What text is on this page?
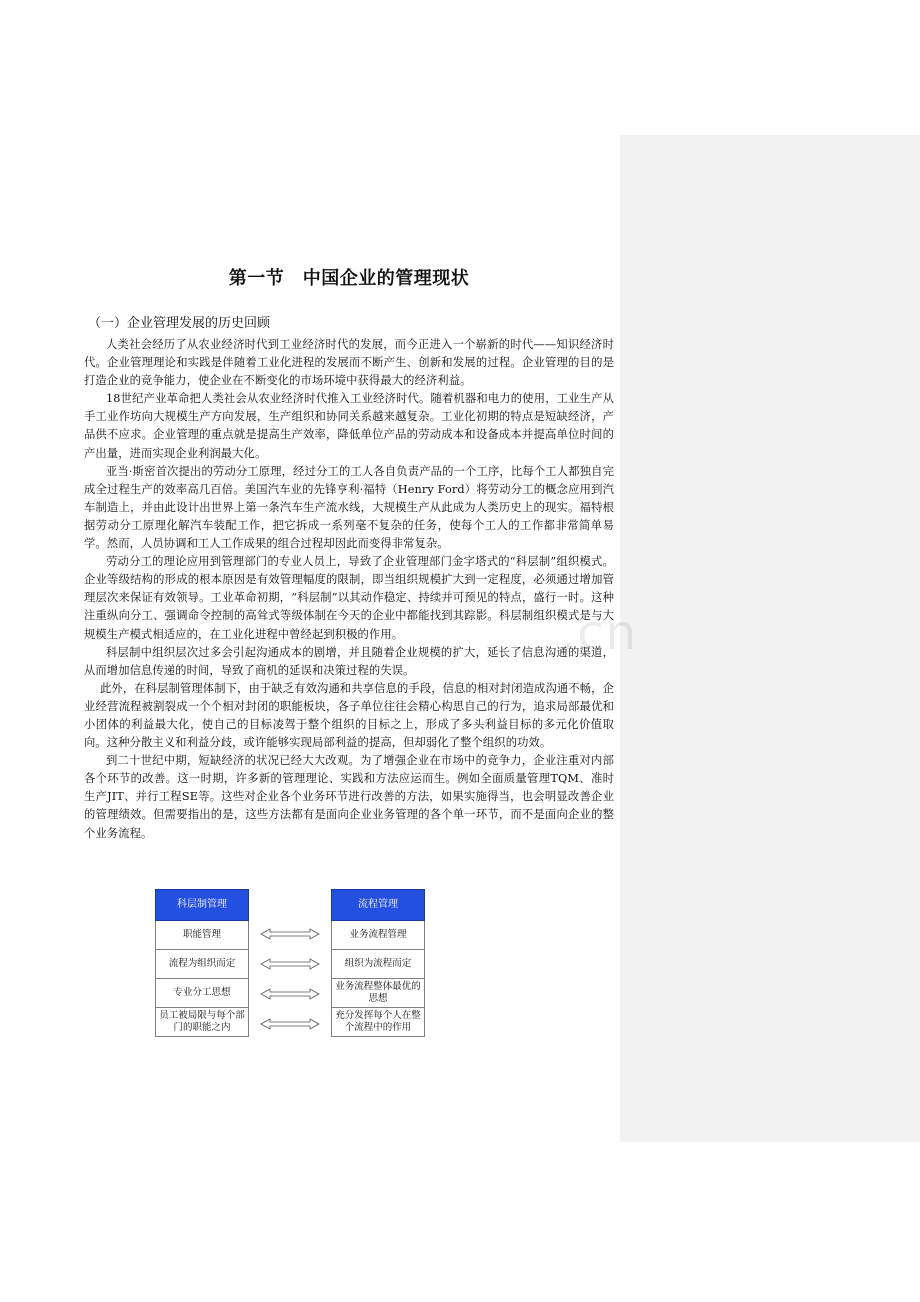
第一节　中国企业的管理现状
（一）企业管理发展的历史回顾

人类社会经历了从农业经济时代到工业经济时代的发展，而今正进入一个崭新的时代——知识经济时代。企业管理理论和实践是伴随着工业化进程的发展而不断产生、创新和发展的过程。企业管理的目的是打造企业的竞争能力，使企业在不断变化的市场环境中获得最大的经济利益。

18世纪产业革命把人类社会从农业经济时代推入工业经济时代。随着机器和电力的使用，工业生产从手工业作坊向大规模生产方向发展，生产组织和协同关系越来越复杂。工业化初期的特点是短缺经济，产品供不应求。企业管理的重点就是提高生产效率，降低单位产品的劳动成本和设备成本并提高单位时间的产出量，进而实现企业利润最大化。

亚当·斯密首次提出的劳动分工原理，经过分工的工人各自负责产品的一个工序，比每个工人都独自完成全过程生产的效率高几百倍。美国汽车业的先锋亨利·福特（Henry Ford）将劳动分工的概念应用到汽车制造上，并由此设计出世界上第一条汽车生产流水线，大规模生产从此成为人类历史上的现实。福特根据劳动分工原理化解汽车装配工作，把它拆成一系列毫不复杂的任务，使每个工人的工作都非常简单易学。然而，人员协调和工人工作成果的组合过程却因此而变得非常复杂。

劳动分工的理论应用到管理部门的专业人员上，导致了企业管理部门金字塔式的“科层制”组织模式。企业等级结构的形成的根本原因是有效管理幅度的限制，即当组织规模扩大到一定程度，必须通过增加管理层次来保证有效领导。工业革命初期，“科层制”以其动作稳定、持续并可预见的特点，盛行一时。这种注重纵向分工、强调命令控制的高耸式等级体制在今天的企业中都能找到其踪影。科层制组织模式是与大规模生产模式相适应的，在工业化进程中曾经起到积极的作用。

科层制中组织层次过多会引起沟通成本的剧增，并且随着企业规模的扩大，延长了信息沟通的渠道，从而增加信息传递的时间，导致了商机的延误和决策过程的失误。

此外，在科层制管理体制下，由于缺乏有效沟通和共享信息的手段，信息的相对封闭造成沟通不畅，企业经营流程被割裂成一个个相对封闭的职能板块，各子单位往往会精心构思自己的行为，追求局部最优和小团体的利益最大化，使自己的目标凌驾于整个组织的目标之上，形成了多头利益目标的多元化价值取向。这种分散主义和利益分歧，或许能够实现局部利益的提高，但却弱化了整个组织的功效。

到二十世纪中期，短缺经济的状况已经大大改观。为了增强企业在市场中的竞争力，企业注重对内部各个环节的改善。这一时期，许多新的管理理论、实践和方法应运而生。例如全面质量管理TQM、准时生产JIT、并行工程SE等。这些对企业各个业务环节进行改善的方法，如果实施得当，也会明显改善企业的管理绩效。但需要指出的是，这些方法都有是面向企业业务管理的各个单一环节，而不是面向企业的整个业务流程。

.cn
科层制管理
职能管理
流程为组织而定
专业分工思想
员工被局限与每个部门的职能之内
流程管理
业务流程管理
组织为流程而定
业务流程整体最优的思想
充分发挥每个人在整个流程中的作用
